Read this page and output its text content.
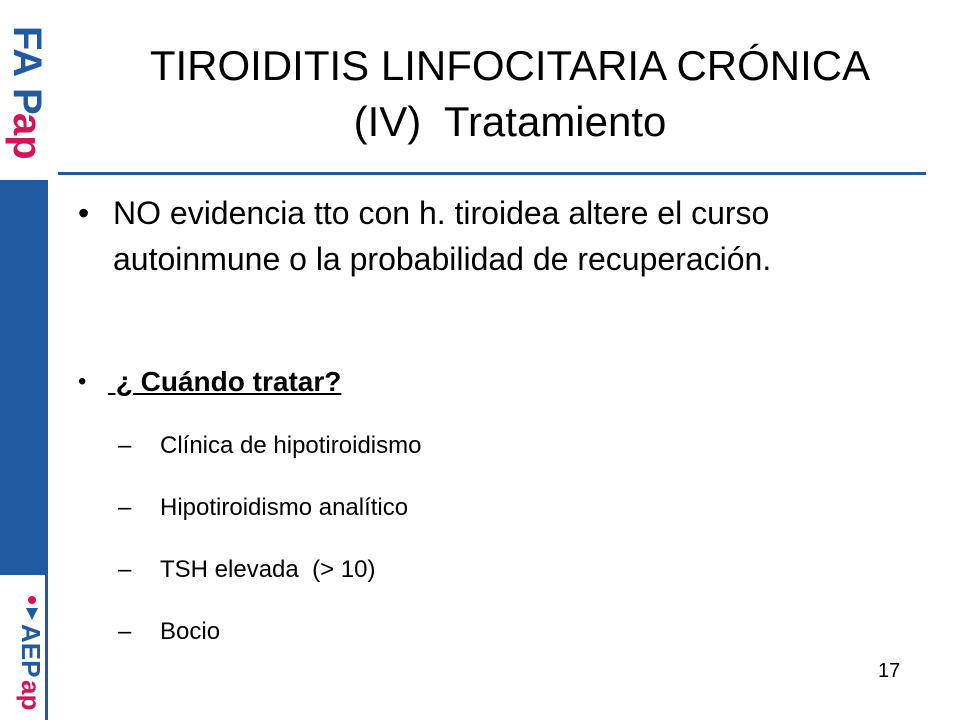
FA
P
ap
AEP
ap
TIROIDITIS LINFOCITARIA CRÓNICA
(IV)  Tratamiento
• NO evidencia tto con h. tiroidea altere el curso autoinmune o la probabilidad de recuperación.
• ¿ Cuándo tratar?
– Clínica de hipotiroidismo
– Hipotiroidismo analítico
– TSH elevada  (> 10)
– Bocio
17
